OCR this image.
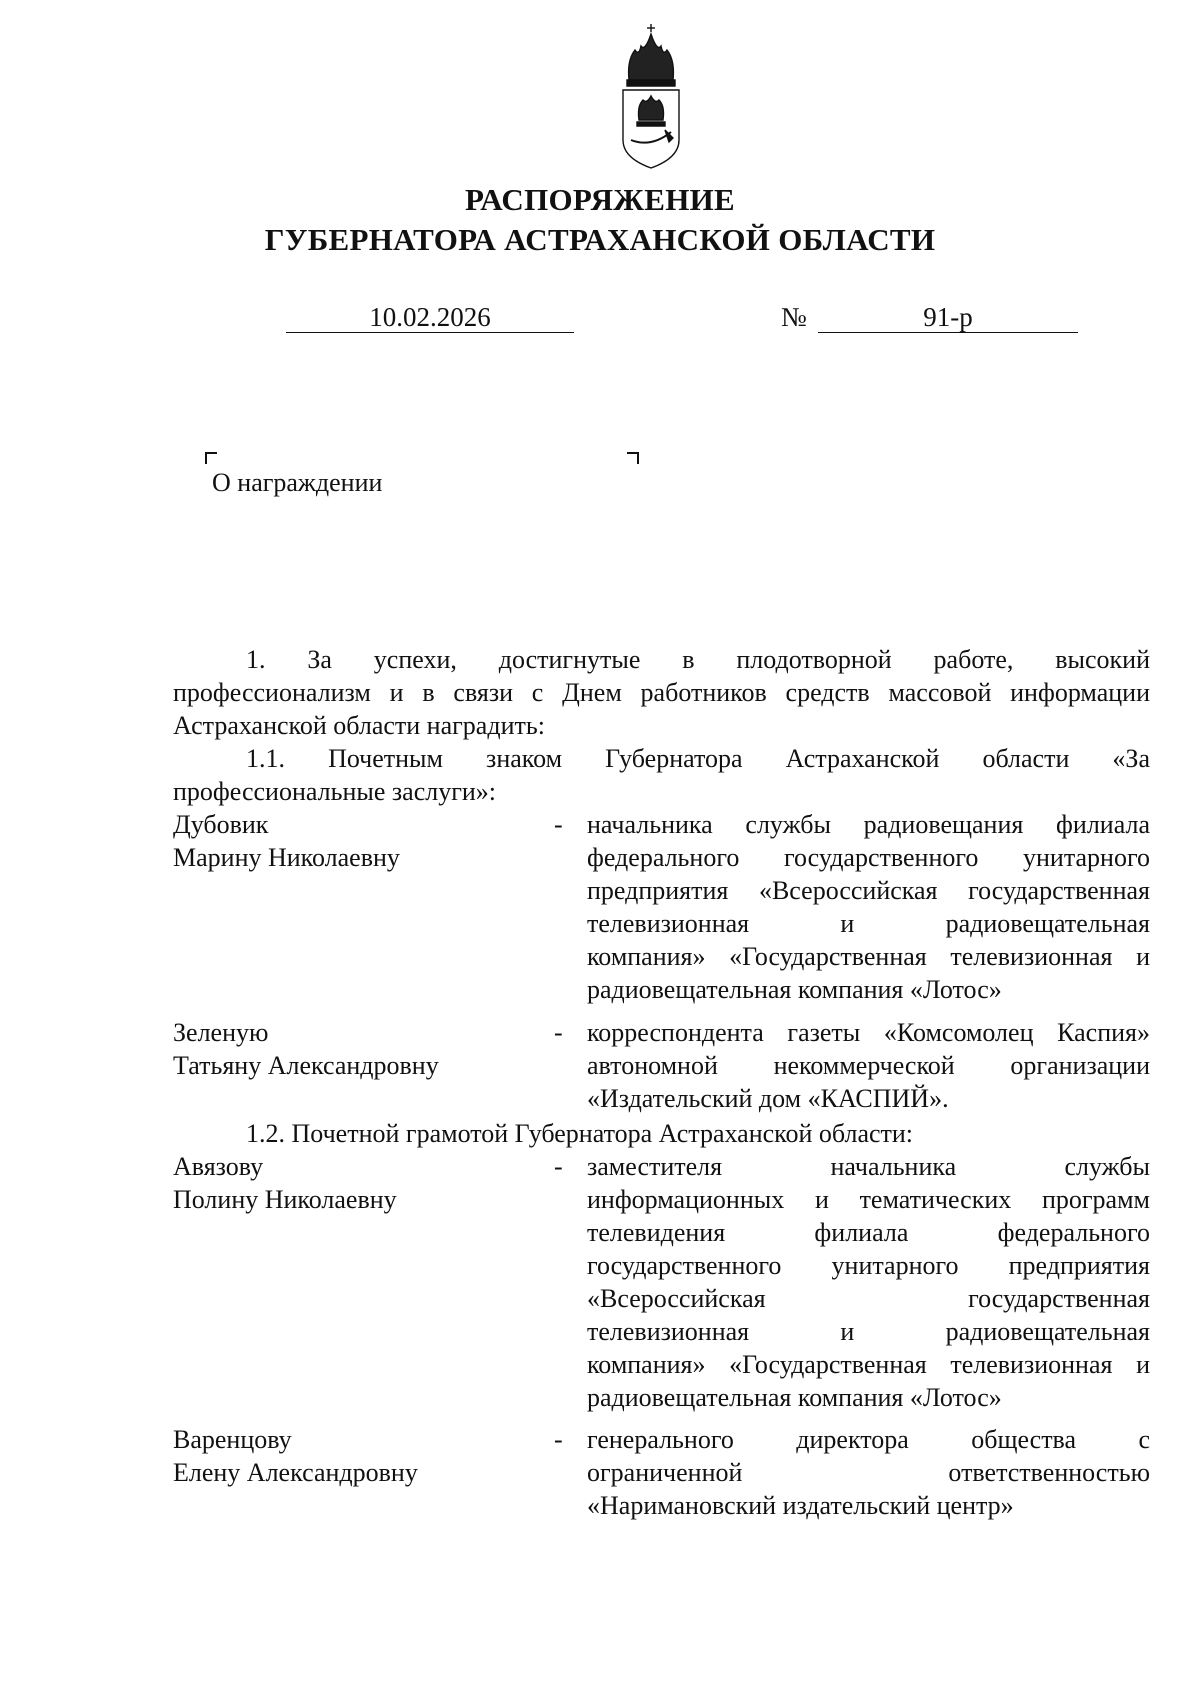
РАСПОРЯЖЕНИЕ
ГУБЕРНАТОРА АСТРАХАНСКОЙ ОБЛАСТИ
10.02.2026	№	91-р
О награждении
1. За успехи, достигнутые в плодотворной работе, высокий
профессионализм и в связи с Днем работников средств массовой информации
Астраханской области наградить:
1.1. Почетным знаком Губернатора Астраханской области «За
профессиональные заслуги»:
Дубовик
Марину Николаевну
- начальника службы радиовещания филиала
федерального государственного унитарного
предприятия «Всероссийская государственная
телевизионная и радиовещательная
компания» «Государственная телевизионная и
радиовещательная компания «Лотос»
Зеленую
Татьяну Александровну
- корреспондента газеты «Комсомолец Каспия»
автономной некоммерческой организации
«Издательский дом «КАСПИЙ».
1.2. Почетной грамотой Губернатора Астраханской области:
Авязову
Полину Николаевну
- заместителя начальника службы
информационных и тематических программ
телевидения филиала федерального
государственного унитарного предприятия
«Всероссийская государственная
телевизионная и радиовещательная
компания» «Государственная телевизионная и
радиовещательная компания «Лотос»
Варенцову
Елену Александровну
- генерального директора общества с
ограниченной ответственностью
«Наримановский издательский центр»
